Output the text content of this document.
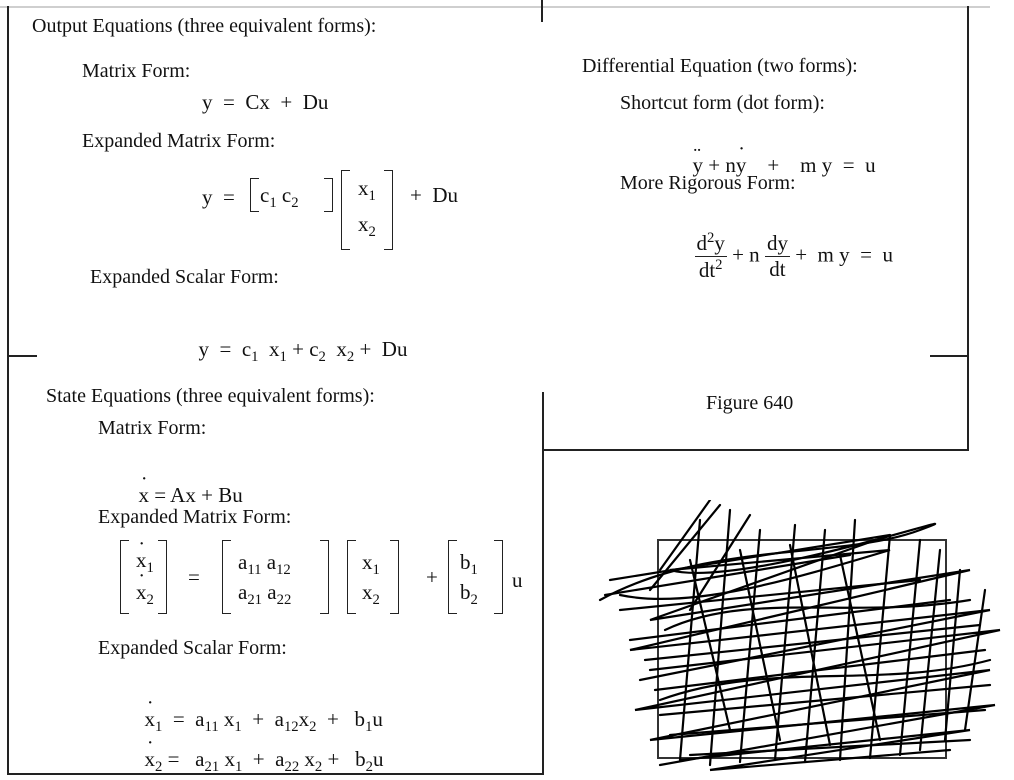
Output Equations (three equivalent forms):
Matrix Form:
y  =  Cx  +  Du
Expanded Matrix Form:
$y = c_1$ $c_2$
$x_1$
$x_2$
+  Du
Expanded Scalar Form:

$y = c_1$  $x_1 + c_2$  $x_2 + Du$

Differential Equation (two forms):
Shortcut form (dot form):

¨ y + n˙ y    +    m y  =  u

More Rigorous Form:

$\frac{d^2y}{dt^2} + n \frac{dy}{dt} + m$ y  =  u

Figure 640
State Equations (three equivalent forms):
Matrix Form:

˙ x = Ax + Bu

Expanded Matrix Form:
˙ $x_1$
˙ $x_2$
=
$a_{11}$ $a_{12}$
$a_{21}$ $a_{22}$
$x_1$
$x_2$
+
$b_1$
$b_2$
u
Expanded Scalar Form:

˙ $x_1 = a_{11}$ $x_1 + a_{12}x_2 + b_1u$

˙ $x_2 = a_{21}$ $x_1 + a_{22}$ $x_2 + b_2u$
